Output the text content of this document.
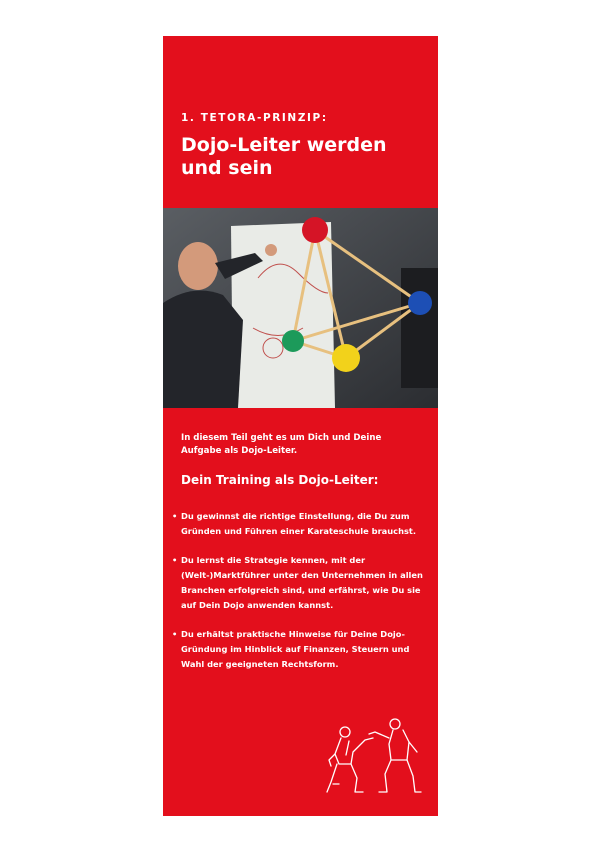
1. TETORA-PRINZIP:
Dojo-Leiter werden und sein

In diesem Teil geht es um Dich und Deine Aufgabe als Dojo-Leiter.

Dein Training als Dojo-Leiter:
• Du gewinnst die richtige Einstellung, die Du zum Gründen und Führen einer Karateschule brauchst.
• Du lernst die Strategie kennen, mit der (Welt-)Marktführer unter den Unternehmen in allen Branchen erfolgreich sind, und erfährst, wie Du sie auf Dein Dojo anwenden kannst.
• Du erhältst praktische Hinweise für Deine Dojo-Gründung im Hinblick auf Finanzen, Steuern und Wahl der geeigneten Rechtsform.
